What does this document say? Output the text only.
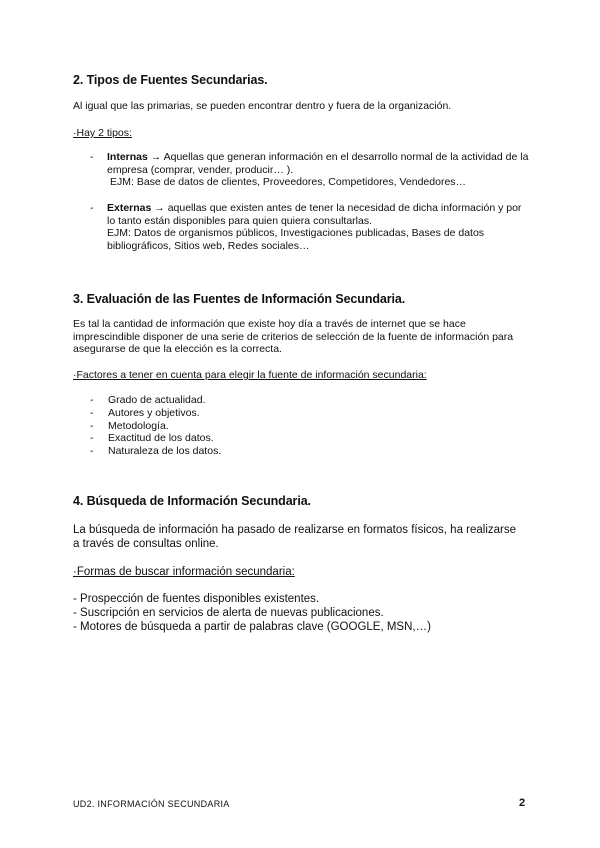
2. Tipos de Fuentes Secundarias.

Al igual que las primarias, se pueden encontrar dentro y fuera de la organización.

·Hay 2 tipos:

- Internas → Aquellas que generan información en el desarrollo normal de la actividad de la empresa (comprar, vender, producir… ).
EJM: Base de datos de clientes, Proveedores, Competidores, Vendedores…
- Externas → aquellas que existen antes de tener la necesidad de dicha información y por lo tanto están disponibles para quien quiera consultarlas.
EJM: Datos de organismos públicos, Investigaciones publicadas, Bases de datos bibliográficos, Sitios web, Redes sociales…
3. Evaluación de las Fuentes de Información Secundaria.

Es tal la cantidad de información que existe hoy día a través de internet que se hace imprescindible disponer de una serie de criterios de selección de la fuente de información para asegurarse de que la elección es la correcta.

·Factores a tener en cuenta para elegir la fuente de información secundaria:

- Grado de actualidad.
- Autores y objetivos.
- Metodología.
- Exactitud de los datos.
- Naturaleza de los datos.
4. Búsqueda de Información Secundaria.

La búsqueda de información ha pasado de realizarse en formatos físicos, ha realizarse a través de consultas online.

·Formas de buscar información secundaria:

- Prospección de fuentes disponibles existentes.
- Suscripción en servicios de alerta de nuevas publicaciones.
- Motores de búsqueda a partir de palabras clave (GOOGLE, MSN,…)
UD2. INFORMACIÓN SECUNDARIA	2
